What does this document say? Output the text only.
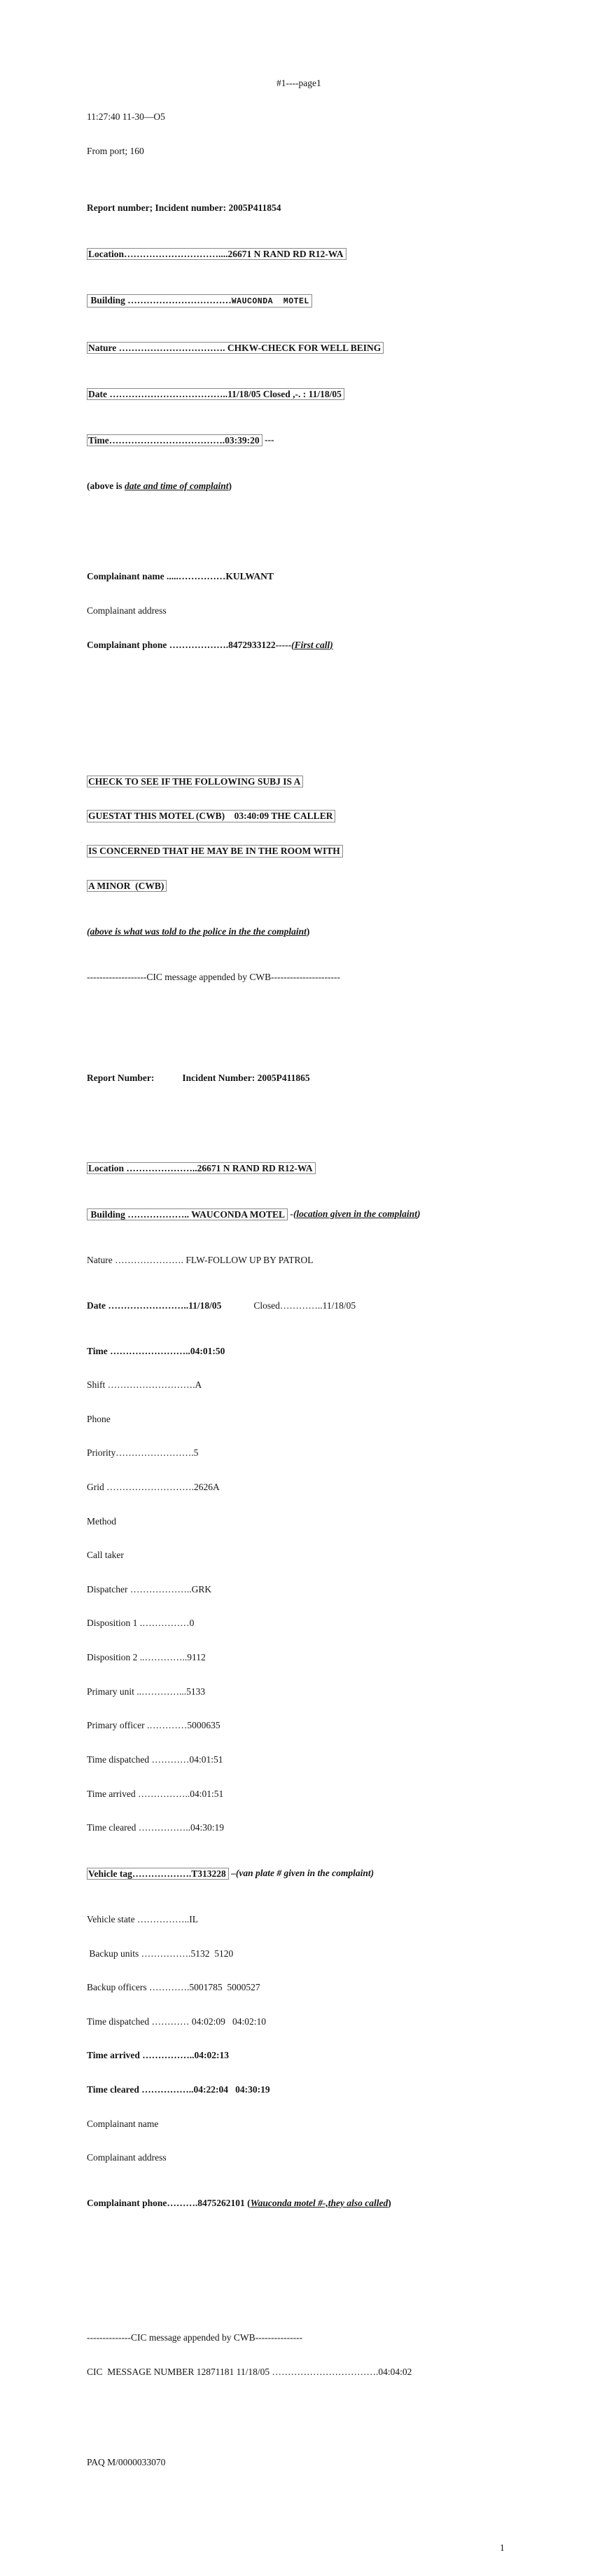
#1----page1

11:27:40 11-30—O5

From port; 160

Report number; Incident number: 2005P411854

Location…………………………....26671 N RAND RD R12-WA

Building ……………………………WAUCONDA  MOTEL

Nature ……………………………. CHKW-CHECK FOR WELL BEING

Date ………………………………..11/18/05 Closed ,-. : 11/18/05

Time……………………………….03:39:20 ---

(above is date and time of complaint)

Complainant name .....……………KULWANT

Complainant address

Complainant phone ……………….8472933122-----(First call)

CHECK TO SEE IF THE FOLLOWING SUBJ IS A

GUESTAT THIS MOTEL (CWB)    03:40:09 THE CALLER

IS CONCERNED THAT HE MAY BE IN THE ROOM WITH

A MINOR  (CWB)

(above is what was told to the police in the the complaint)

-------------------CIC message appended by CWB----------------------

Report Number:	Incident Number: 2005P411865

Location …………………..26671 N RAND RD R12-WA

Building ……………….. WAUCONDA MOTEL -(location given in the complaint)

Nature …………………. FLW-FOLLOW UP BY PATROL

Date ……………………..11/18/05	Closed…………..11/18/05

Time ……………………..04:01:50

Shift ……………………….A

Phone

Priority…………………….5

Grid ……………………….2626A

Method

Call taker

Dispatcher ………………..GRK

Disposition 1 .……………0

Disposition 2 ..…………..9112

Primary unit ..…………...5133

Primary officer .…………5000635

Time dispatched …………04:01:51

Time arrived ……………..04:01:51

Time cleared ……………..04:30:19

Vehicle tag……………….T313228 –(van plate # given in the complaint)

Vehicle state ……………..IL

Backup units …………….5132  5120

Backup officers ………….5001785  5000527

Time dispatched ………… 04:02:09   04:02:10

Time arrived ……………..04:02:13

Time cleared ……………..04:22:04   04:30:19

Complainant name

Complainant address

Complainant phone……….8475262101 (Wauconda motel #-,they also called)

--------------CIC message appended by CWB---------------

CIC  MESSAGE NUMBER 12871181 11/18/05 …………………………….04:04:02

PAQ M/0000033070

1
